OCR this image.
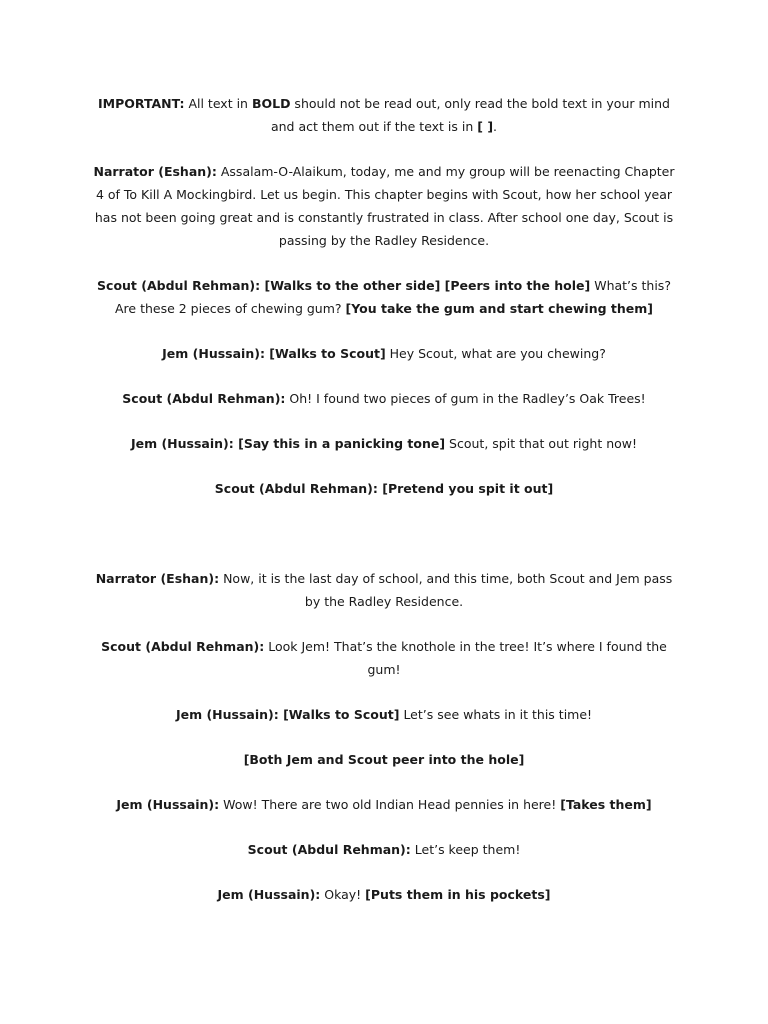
IMPORTANT: All text in BOLD should not be read out, only read the bold text in your mind and act them out if the text is in [ ].

Narrator (Eshan): Assalam-O-Alaikum, today, me and my group will be reenacting Chapter 4 of To Kill A Mockingbird. Let us begin. This chapter begins with Scout, how her school year has not been going great and is constantly frustrated in class. After school one day, Scout is passing by the Radley Residence.

Scout (Abdul Rehman): [Walks to the other side] [Peers into the hole] What’s this? Are these 2 pieces of chewing gum? [You take the gum and start chewing them]

Jem (Hussain): [Walks to Scout] Hey Scout, what are you chewing?

Scout (Abdul Rehman): Oh! I found two pieces of gum in the Radley’s Oak Trees!

Jem (Hussain): [Say this in a panicking tone] Scout, spit that out right now!

Scout (Abdul Rehman): [Pretend you spit it out]

Narrator (Eshan): Now, it is the last day of school, and this time, both Scout and Jem pass by the Radley Residence.

Scout (Abdul Rehman): Look Jem! That’s the knothole in the tree! It’s where I found the gum!

Jem (Hussain): [Walks to Scout] Let’s see whats in it this time!

[Both Jem and Scout peer into the hole]

Jem (Hussain): Wow! There are two old Indian Head pennies in here! [Takes them]

Scout (Abdul Rehman): Let’s keep them!

Jem (Hussain): Okay! [Puts them in his pockets]
